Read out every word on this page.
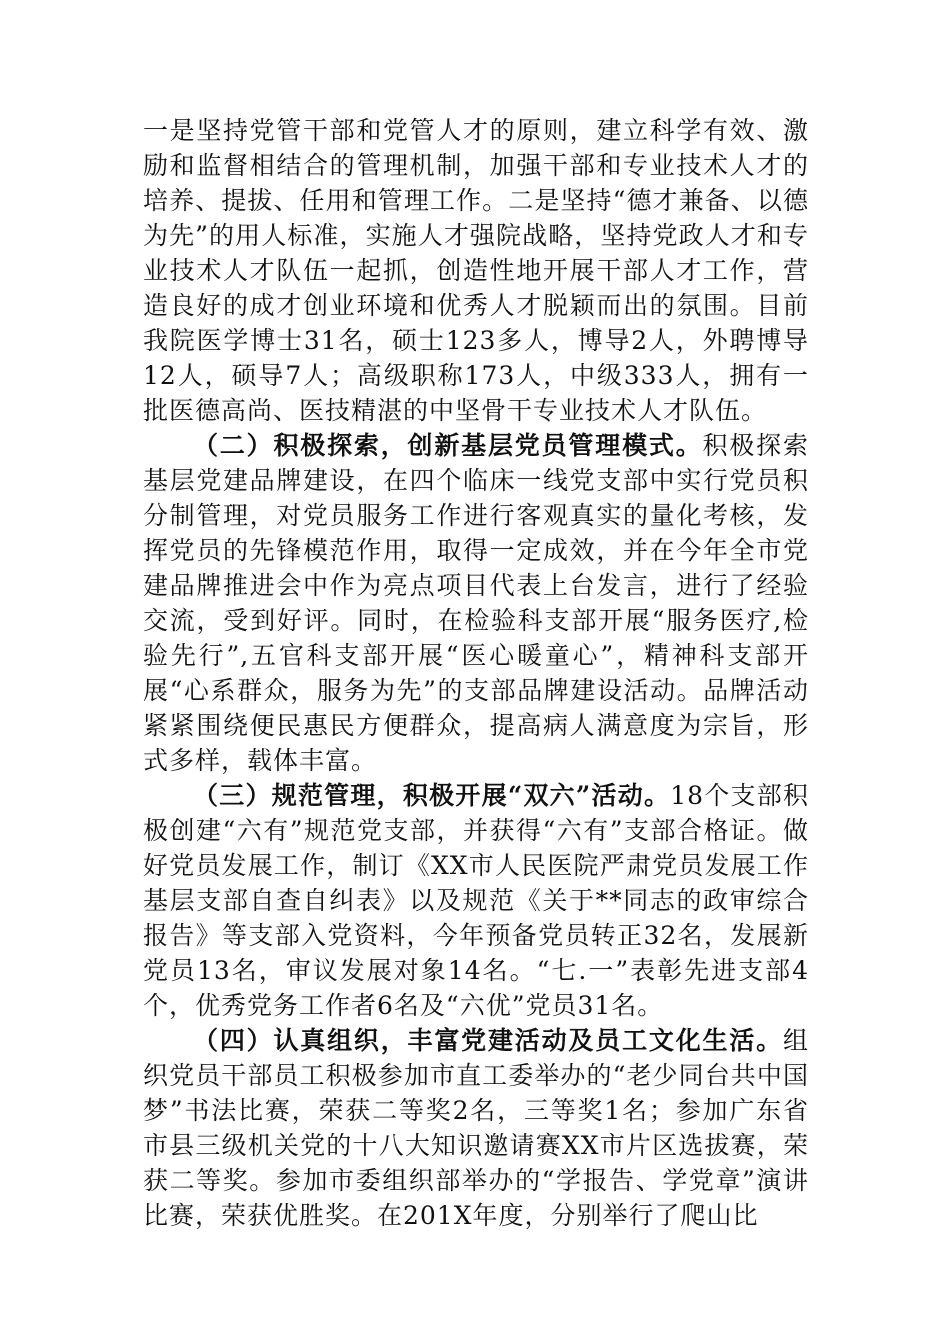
一是坚持党管干部和党管人才的原则，建立科学有效、激励和监督相结合的管理机制，加强干部和专业技术人才的培养、提拔、任用和管理工作。二是坚持“德才兼备、以德为先”的用人标准，实施人才强院战略，坚持党政人才和专业技术人才队伍一起抓，创造性地开展干部人才工作，营造良好的成才创业环境和优秀人才脱颖而出的氛围。目前我院医学博士31名，硕士123多人，博导2人，外聘博导12人，硕导7人；高级职称173人，中级333人，拥有一批医德高尚、医技精湛的中坚骨干专业技术人才队伍。

（二）积极探索，创新基层党员管理模式。积极探索基层党建品牌建设，在四个临床一线党支部中实行党员积分制管理，对党员服务工作进行客观真实的量化考核，发挥党员的先锋模范作用，取得一定成效，并在今年全市党建品牌推进会中作为亮点项目代表上台发言，进行了经验交流，受到好评。同时，在检验科支部开展“服务医疗,检验先行”,五官科支部开展“医心暖童心”，精神科支部开展“心系群众，服务为先”的支部品牌建设活动。品牌活动紧紧围绕便民惠民方便群众，提高病人满意度为宗旨，形式多样，载体丰富。

（三）规范管理，积极开展“双六”活动。18个支部积极创建“六有”规范党支部，并获得“六有”支部合格证。做好党员发展工作，制订《XX市人民医院严肃党员发展工作基层支部自查自纠表》以及规范《关于**同志的政审综合报告》等支部入党资料，今年预备党员转正32名，发展新党员13名，审议发展对象14名。“七.一”表彰先进支部4个，优秀党务工作者6名及“六优”党员31名。

（四）认真组织，丰富党建活动及员工文化生活。组织党员干部员工积极参加市直工委举办的“老少同台共中国梦”书法比赛，荣获二等奖2名，三等奖1名；参加广东省市县三级机关党的十八大知识邀请赛XX市片区选拔赛，荣获二等奖。参加市委组织部举办的“学报告、学党章”演讲比赛，荣获优胜奖。在201X年度，分别举行了爬山比
